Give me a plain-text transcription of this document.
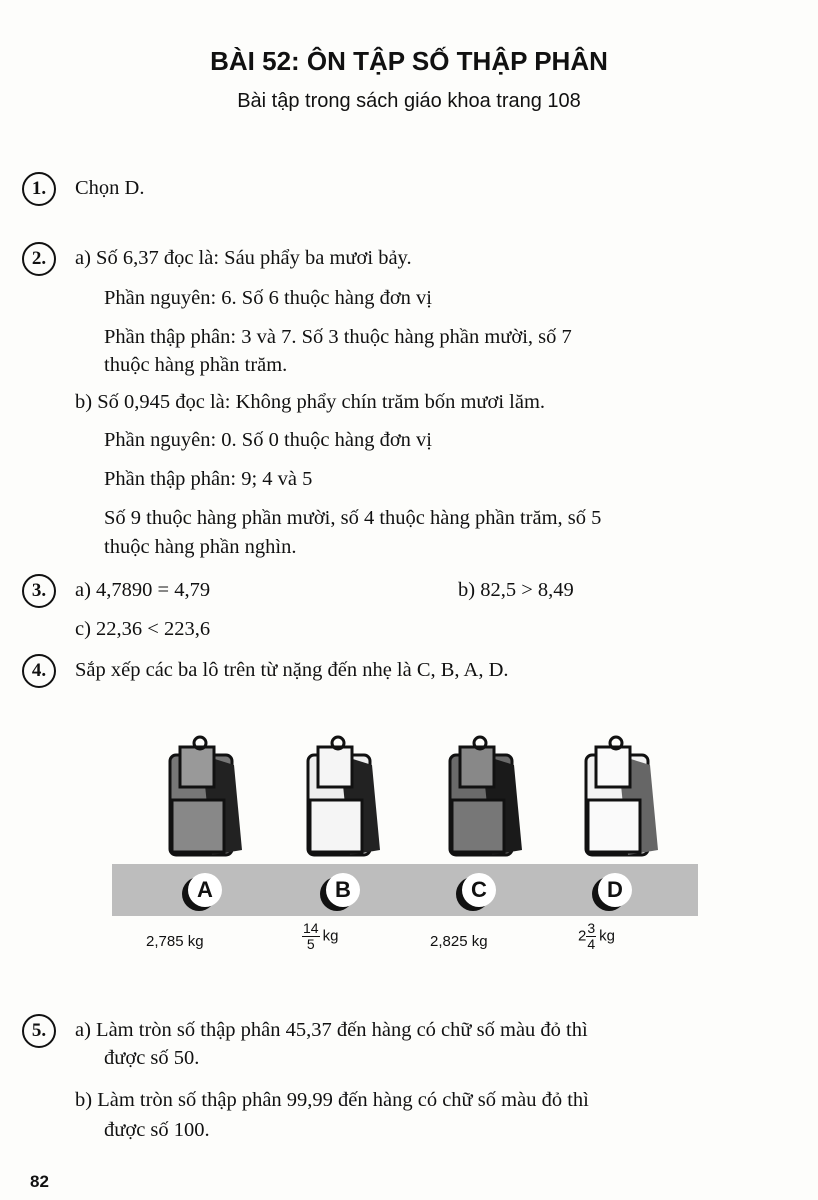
BÀI 52: ÔN TẬP SỐ THẬP PHÂN
Bài tập trong sách giáo khoa trang 108
1.	Chọn D.
2.	a) Số 6,37 đọc là: Sáu phẩy ba mươi bảy.
Phần nguyên: 6. Số 6 thuộc hàng đơn vị
Phần thập phân: 3 và 7. Số 3 thuộc hàng phần mười, số 7
thuộc hàng phần trăm.
b) Số 0,945 đọc là: Không phẩy chín trăm bốn mươi lăm.
Phần nguyên: 0. Số 0 thuộc hàng đơn vị
Phần thập phân: 9; 4 và 5
Số 9 thuộc hàng phần mười, số 4 thuộc hàng phần trăm, số 5
thuộc hàng phần nghìn.
3.	a) 4,7890 = 4,79	b) 82,5 > 8,49
c) 22,36 < 223,6
4.	Sắp xếp các ba lô trên từ nặng đến nhẹ là C, B, A, D.
A	B	C	D
2,785 kg	$\frac{14}{5}$ kg	2,825 kg	$2 \frac{3}{4}$ kg
5.	a) Làm tròn số thập phân 45,37 đến hàng có chữ số màu đỏ thì
được số 50.
b) Làm tròn số thập phân 99,99 đến hàng có chữ số màu đỏ thì
được số 100.
82
